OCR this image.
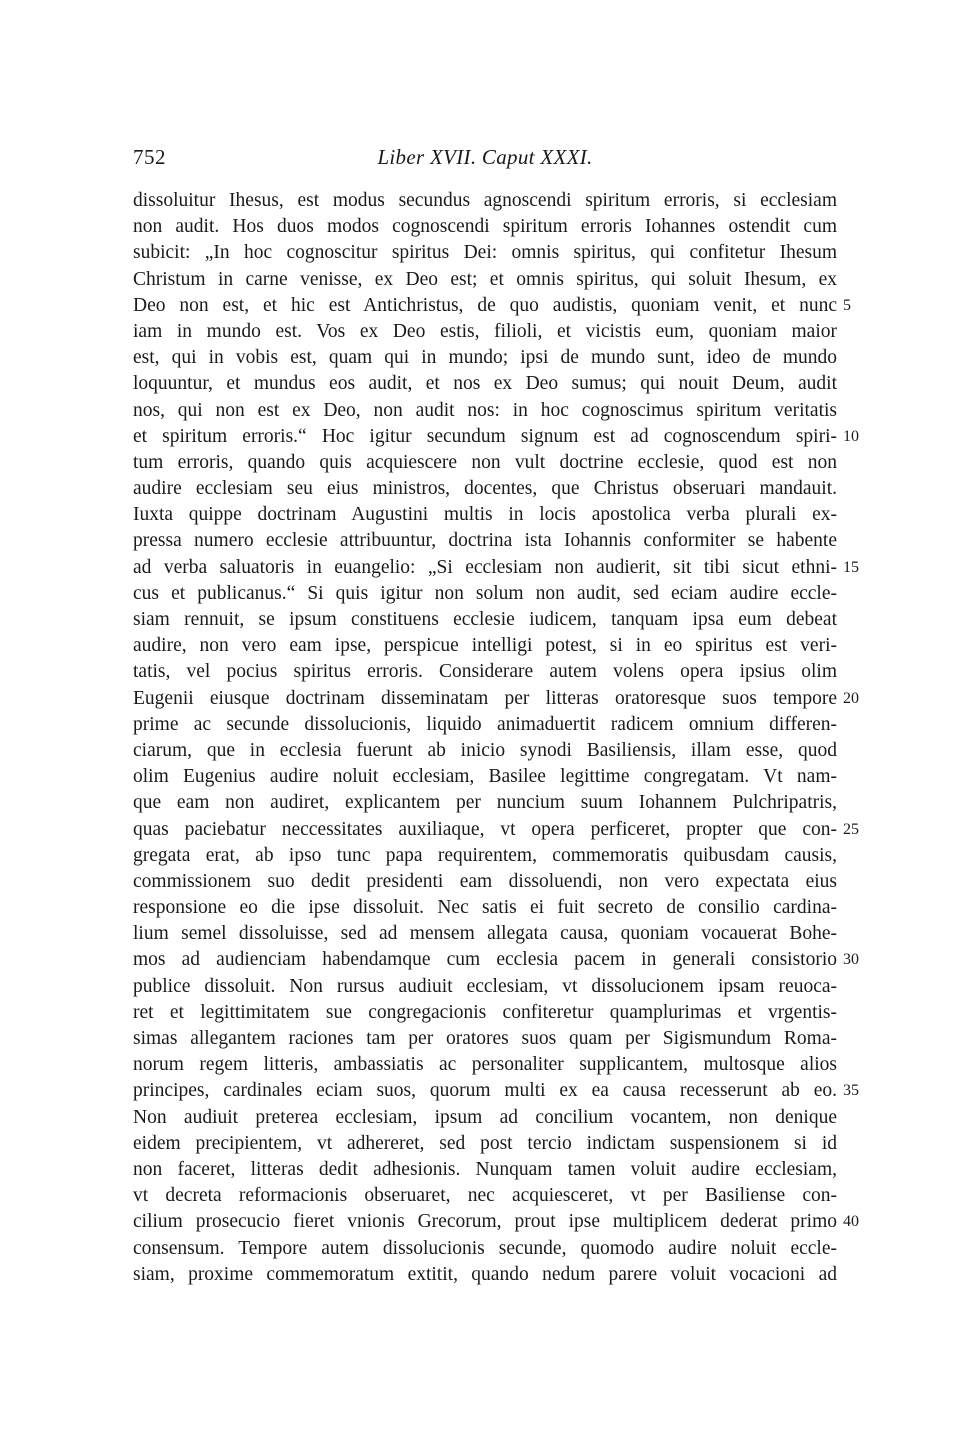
752	Liber XVII. Caput XXXI.
dissoluitur Ihesus, est modus secundus agnoscendi spiritum erroris, si ecclesiam
non audit. Hos duos modos cognoscendi spiritum erroris Iohannes ostendit cum
subicit: „In hoc cognoscitur spiritus Dei: omnis spiritus, qui confitetur Ihesum
Christum in carne venisse, ex Deo est; et omnis spiritus, qui soluit Ihesum, ex
Deo non est, et hic est Antichristus, de quo audistis, quoniam venit, et nunc 5
iam in mundo est. Vos ex Deo estis, filioli, et vicistis eum, quoniam maior
est, qui in vobis est, quam qui in mundo; ipsi de mundo sunt, ideo de mundo
loquuntur, et mundus eos audit, et nos ex Deo sumus; qui nouit Deum, audit
nos, qui non est ex Deo, non audit nos: in hoc cognoscimus spiritum veritatis
et spiritum erroris.“ Hoc igitur secundum signum est ad cognoscendum spiri- 10
tum erroris, quando quis acquiescere non vult doctrine ecclesie, quod est non
audire ecclesiam seu eius ministros, docentes, que Christus obseruari mandauit.
Iuxta quippe doctrinam Augustini multis in locis apostolica verba plurali ex-
pressa numero ecclesie attribuuntur, doctrina ista Iohannis conformiter se habente
ad verba saluatoris in euangelio: „Si ecclesiam non audierit, sit tibi sicut ethni- 15
cus et publicanus.“ Si quis igitur non solum non audit, sed eciam audire eccle-
siam rennuit, se ipsum constituens ecclesie iudicem, tanquam ipsa eum debeat
audire, non vero eam ipse, perspicue intelligi potest, si in eo spiritus est veri-
tatis, vel pocius spiritus erroris. Considerare autem volens opera ipsius olim
Eugenii eiusque doctrinam disseminatam per litteras oratoresque suos tempore 20
prime ac secunde dissolucionis, liquido animaduertit radicem omnium differen-
ciarum, que in ecclesia fuerunt ab inicio synodi Basiliensis, illam esse, quod
olim Eugenius audire noluit ecclesiam, Basilee legittime congregatam. Vt nam-
que eam non audiret, explicantem per nuncium suum Iohannem Pulchripatris,
quas paciebatur neccessitates auxiliaque, vt opera perficeret, propter que con- 25
gregata erat, ab ipso tunc papa requirentem, commemoratis quibusdam causis,
commissionem suo dedit presidenti eam dissoluendi, non vero expectata eius
responsione eo die ipse dissoluit. Nec satis ei fuit secreto de consilio cardina-
lium semel dissoluisse, sed ad mensem allegata causa, quoniam vocauerat Bohe-
mos ad audienciam habendamque cum ecclesia pacem in generali consistorio 30
publice dissoluit. Non rursus audiuit ecclesiam, vt dissolucionem ipsam reuoca-
ret et legittimitatem sue congregacionis confiteretur quamplurimas et vrgentis-
simas allegantem raciones tam per oratores suos quam per Sigismundum Roma-
norum regem litteris, ambassiatis ac personaliter supplicantem, multosque alios
principes, cardinales eciam suos, quorum multi ex ea causa recesserunt ab eo. 35
Non audiuit preterea ecclesiam, ipsum ad concilium vocantem, non denique
eidem precipientem, vt adhereret, sed post tercio indictam suspensionem si id
non faceret, litteras dedit adhesionis. Nunquam tamen voluit audire ecclesiam,
vt decreta reformacionis obseruaret, nec acquiesceret, vt per Basiliense con-
cilium prosecucio fieret vnionis Grecorum, prout ipse multiplicem dederat primo 40
consensum. Tempore autem dissolucionis secunde, quomodo audire noluit eccle-
siam, proxime commemoratum extitit, quando nedum parere voluit vocacioni ad
